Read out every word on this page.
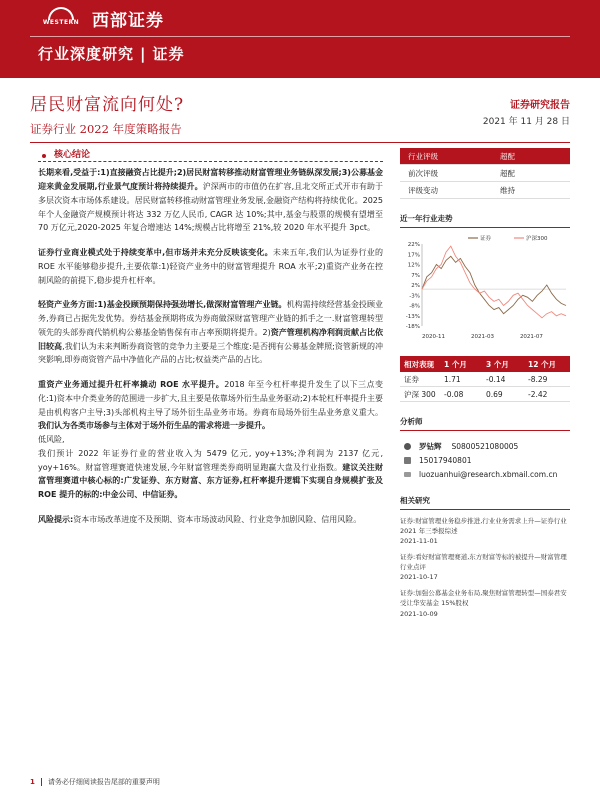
WESTERN 西部证券
行业深度研究 | 证券
居民财富流向何处?	证券研究报告
2021 年 11 月 28 日
证券行业 2022 年度策略报告
核心结论
长期来看,受益于:1)直接融资占比提升;2)居民财富转移推动财富管理业务链纵深发展;3)公募基金迎来黄金发展期,行业景气度预计将持续提升。沪深两市的市值仍在扩容,且北交所正式开市有助于多层次资本市场体系建设。居民财富转移推动财富管理业务发展,金融资产结构将持续优化。2025 年个人金融资产规模预计将达 332 万亿人民币, CAGR 达 10%;其中,基金与股票的规模有望增至 70 万亿元,2020-2025 年复合增速达 14%;规模占比将增至 21%,较 2020 年水平提升 3pct。
证券行业商业模式处于持续变革中,但市场并未充分反映该变化。未来五年,我们认为证券行业的 ROE 水平能够稳步提升,主要依靠:1)轻资产业务中的财富管理提升 ROA 水平;2)重资产业务在控制风险的前提下,稳步提升杠杆率。
轻资产业务方面:1)基金投顾预期保持强劲增长,做深财富管理产业链。机构需持续经营基金投顾业务,券商已占据先发优势。券结基金预期将成为券商做深财富管理产业链的抓手之一.财富管理转型领先的头部券商代销机构公募基金销售保有市占率预期将提升。2)资产管理机构净利润贡献占比依旧较高,我们认为未来判断券商资管的竞争力主要是三个维度:是否拥有公募基金牌照;资管新规的冲突影响,即券商资管产品中净值化产品的占比;权益类产品的占比。
重资产业务通过提升杠杆率撬动 ROE 水平提升。2018 年至今杠杆率提升发生了以下三点变化:1)资本中介类业务的范围进一步扩大,且主要是依靠场外衍生品业务驱动;2)本轮杠杆率提升主要是由机构客户主导;3)头部机构主导了场外衍生品业务市场。券商布局场外衍生品业务意义重大。我们认为各类市场参与主体对于场外衍生品的需求将进一步提升。
低风险,
我们预计 2022 年证券行业的营业收入为 5479 亿元, yoy+13%;净利润为 2137 亿元, yoy+16%。财富管理赛道快速发展,今年财富管理类券商明显跑赢大盘及行业指数。建议关注财富管理赛道中核心标的:广发证券、东方财富、东方证券,杠杆率提升逻辑下实现自身规模扩张及 ROE 提升的标的:中金公司、中信证券。
风险提示:资本市场改革进度不及预期、资本市场波动风险、行业竞争加剧风险、信用风险。
行业评级	超配
前次评级	超配
评级变动	维持
近一年行业走势
22%
17%
12%
7%
2%
-3%
-8%
-13%
-18%
2020-11	2021-03	2021-07
证券	沪深300
相对表现	1 个月	3 个月	12 个月
证券	1.71	-0.14	-8.29
沪深 300	-0.08	0.69	-2.42
分析师
罗钻辉 S0800521080005
15017940801
luozuanhui@research.xbmail.com.cn
相关研究
证券:财富管理业务稳步推进,行业业务需求上升—证券行业 2021 年三季报综述
2021-11-01
证券:看好财富管理赛道,东方财富等标的被提升—财富管理行业点评
2021-10-17
证券:加强公募基金业务布局,聚焦财富管理转型—国泰君安受让华安基金 15%股权
2021-10-09
1 请务必仔细阅读报告尾部的重要声明
